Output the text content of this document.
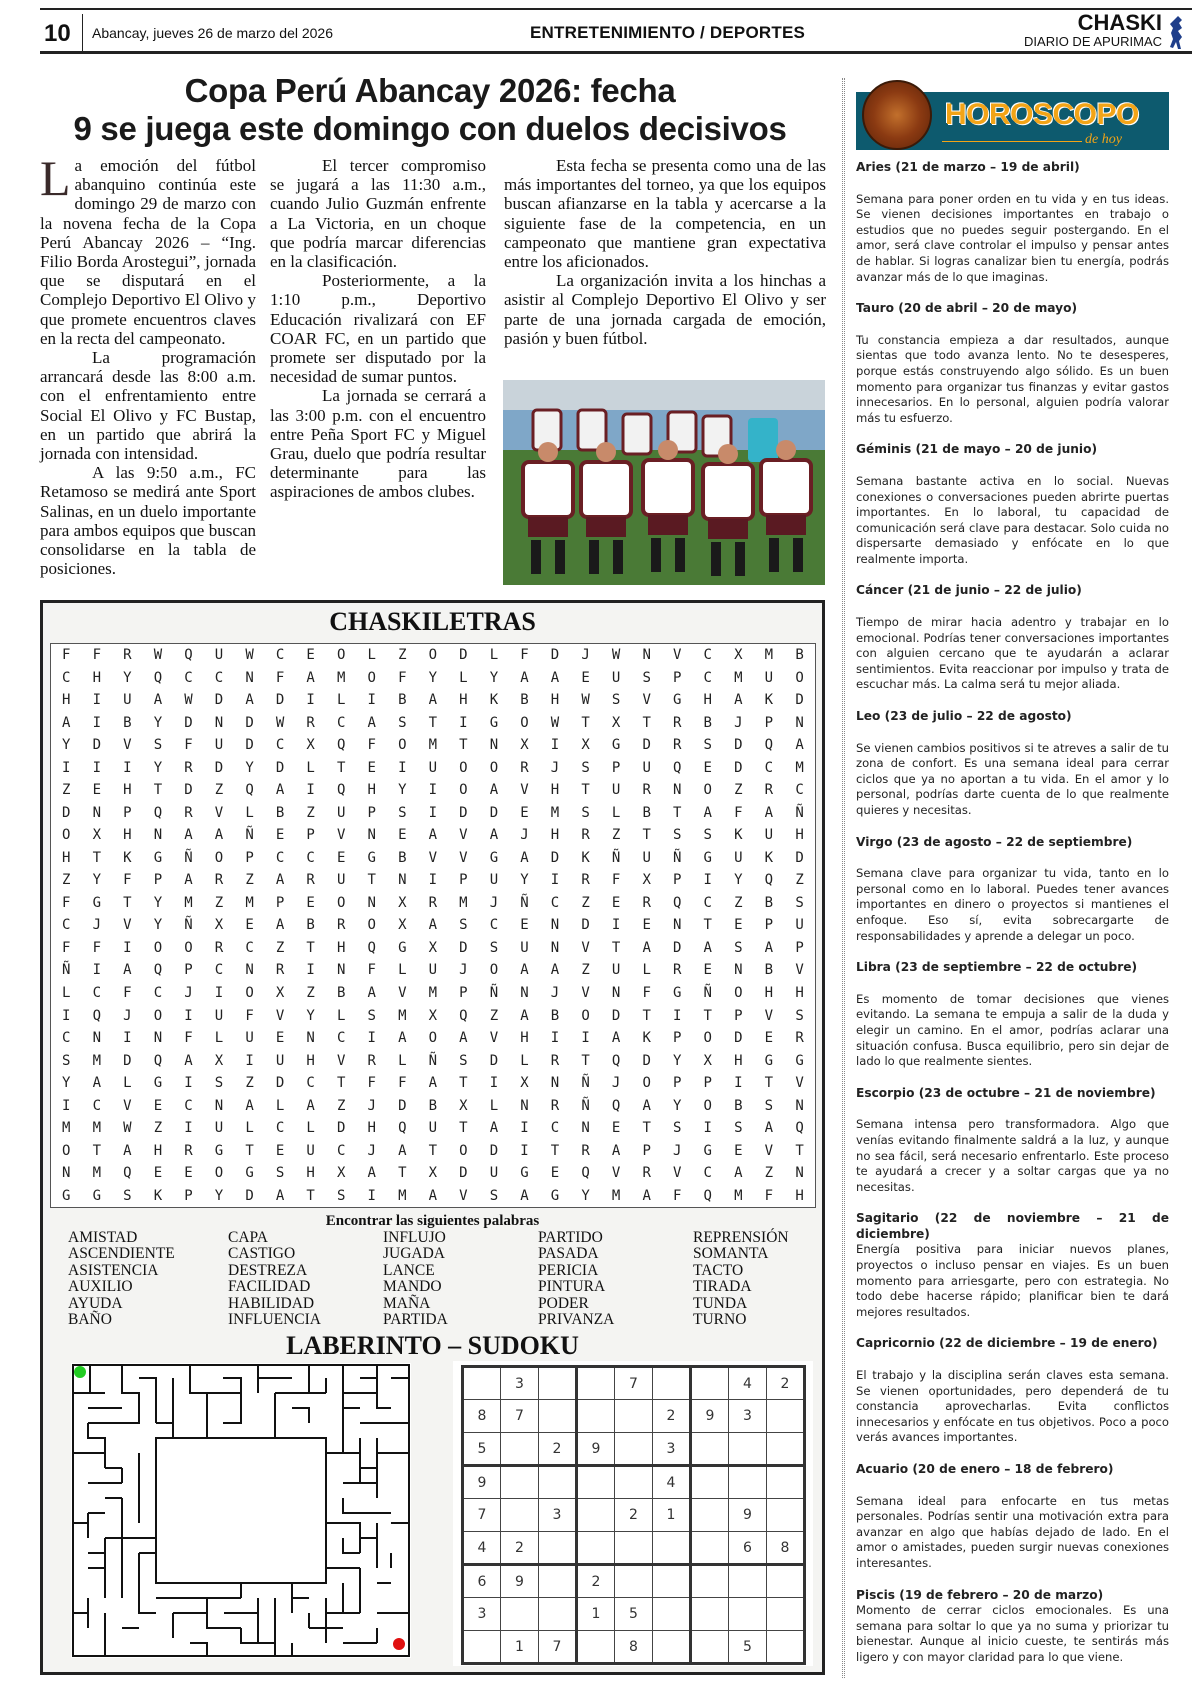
10 Abancay, jueves 26 de marzo del 2026	ENTRETENIMIENTO / DEPORTES	CHASKI
DIARIO DE APURIMAC
Copa Perú Abancay 2026: fecha
9 se juega este domingo con duelos decisivos

La emoción del fútbol abanquino continúa este domingo 29 de marzo con la novena fecha de la Copa Perú Abancay 2026 – “Ing. Filio Borda Arostegui”, jornada que se disputará en el Complejo Deportivo El Olivo y que promete encuentros claves en la recta del campeonato.

La programación arrancará desde las 8:00 a.m. con el enfrentamiento entre Social El Olivo y FC Bustap, en un partido que abrirá la jornada con intensidad.

A las 9:50 a.m., FC Retamoso se medirá ante Sport Salinas, en un duelo importante para ambos equipos que buscan consolidarse en la tabla de posiciones.

El tercer compromiso se jugará a las 11:30 a.m., cuando Julio Guzmán enfrente a La Victoria, en un choque que podría marcar diferencias en la clasificación.

Posteriormente, a la 1:10 p.m., Deportivo Educación rivalizará con EF COAR FC, en un partido que promete ser disputado por la necesidad de sumar puntos.

La jornada se cerrará a las 3:00 p.m. con el encuentro entre Peña Sport FC y Miguel Grau, duelo que podría resultar determinante para las aspiraciones de ambos clubes.

Esta fecha se presenta como una de las más importantes del torneo, ya que los equipos buscan afianzarse en la tabla y acercarse a la siguiente fase de la competencia, en un campeonato que mantiene gran expectativa entre los aficionados.

La organización invita a los hinchas a asistir al Complejo Deportivo El Olivo y ser parte de una jornada cargada de emoción, pasión y buen fútbol.

CHASKILETRAS
F	F	R	W	Q	U	W	C	E	O	L	Z	O	D	L	F	D	J	W	N	V	C	X	M	B
C	H	Y	Q	C	C	N	F	A	M	O	F	Y	L	Y	A	A	E	U	S	P	C	M	U	O
H	I	U	A	W	D	A	D	I	L	I	B	A	H	K	B	H	W	S	V	G	H	A	K	D
A	I	B	Y	D	N	D	W	R	C	A	S	T	I	G	O	W	T	X	T	R	B	J	P	N
Y	D	V	S	F	U	D	C	X	Q	F	O	M	T	N	X	I	X	G	D	R	S	D	Q	A
I	I	I	Y	R	D	Y	D	L	T	E	I	U	O	O	R	J	S	P	U	Q	E	D	C	M
Z	E	H	T	D	Z	Q	A	I	Q	H	Y	I	O	A	V	H	T	U	R	N	O	Z	R	C
D	N	P	Q	R	V	L	B	Z	U	P	S	I	D	D	E	M	S	L	B	T	A	F	A	Ñ
O	X	H	N	A	A	Ñ	E	P	V	N	E	A	V	A	J	H	R	Z	T	S	S	K	U	H
H	T	K	G	Ñ	O	P	C	C	E	G	B	V	V	G	A	D	K	Ñ	U	Ñ	G	U	K	D
Z	Y	F	P	A	R	Z	A	R	U	T	N	I	P	U	Y	I	R	F	X	P	I	Y	Q	Z
F	G	T	Y	M	Z	M	P	E	O	N	X	R	M	J	Ñ	C	Z	E	R	Q	C	Z	B	S
C	J	V	Y	Ñ	X	E	A	B	R	O	X	A	S	C	E	N	D	I	E	N	T	E	P	U
F	F	I	O	O	R	C	Z	T	H	Q	G	X	D	S	U	N	V	T	A	D	A	S	A	P
Ñ	I	A	Q	P	C	N	R	I	N	F	L	U	J	O	A	A	Z	U	L	R	E	N	B	V
L	C	F	C	J	I	O	X	Z	B	A	V	M	P	Ñ	N	J	V	N	F	G	Ñ	O	H	H
I	Q	J	O	I	U	F	V	Y	L	S	M	X	Q	Z	A	B	O	D	T	I	T	P	V	S
C	N	I	N	F	L	U	E	N	C	I	A	O	A	V	H	I	I	A	K	P	O	D	E	R
S	M	D	Q	A	X	I	U	H	V	R	L	Ñ	S	D	L	R	T	Q	D	Y	X	H	G	G
Y	A	L	G	I	S	Z	D	C	T	F	F	A	T	I	X	N	Ñ	J	O	P	P	I	T	V
I	C	V	E	C	N	A	L	A	Z	J	D	B	X	L	N	R	Ñ	Q	A	Y	O	B	S	N
M	M	W	Z	I	U	L	C	L	D	H	Q	U	T	A	I	C	N	E	T	S	I	S	A	Q
O	T	A	H	R	G	T	E	U	C	J	A	T	O	D	I	T	R	A	P	J	G	E	V	T
N	M	Q	E	E	O	G	S	H	X	A	T	X	D	U	G	E	Q	V	R	V	C	A	Z	N
G	G	S	K	P	Y	D	A	T	S	I	M	A	V	S	A	G	Y	M	A	F	Q	M	F	H
Encontrar las siguientes palabras
AMISTAD	CAPA	INFLUJO	PARTIDO	REPRENSIÓN
ASCENDIENTE	CASTIGO	JUGADA	PASADA	SOMANTA
ASISTENCIA	DESTREZA	LANCE	PERICIA	TACTO
AUXILIO	FACILIDAD	MANDO	PINTURA	TIRADA
AYUDA	HABILIDAD	MAÑA	PODER	TUNDA
BAÑO	INFLUENCIA	PARTIDA	PRIVANZA	TURNO
LABERINTO – SUDOKU
	3			7			4	2
8	7				2	9	3	
5		2	9		3			
9					4			
7		3		2	1		9	
4	2						6	8
6	9		2					
3			1	5				
	1	7		8			5	
HOROSCOPO
de hoy
Aries (21 de marzo – 19 de abril)
Semana para poner orden en tu vida y en tus ideas. Se vienen decisiones importantes en trabajo o estudios que no puedes seguir postergando. En el amor, será clave controlar el impulso y pensar antes de hablar. Si logras canalizar bien tu energía, podrás avanzar más de lo que imaginas.
Tauro (20 de abril – 20 de mayo)
Tu constancia empieza a dar resultados, aunque sientas que todo avanza lento. No te desesperes, porque estás construyendo algo sólido. Es un buen momento para organizar tus finanzas y evitar gastos innecesarios. En lo personal, alguien podría valorar más tu esfuerzo.
Géminis (21 de mayo – 20 de junio)
Semana bastante activa en lo social. Nuevas conexiones o conversaciones pueden abrirte puertas importantes. En lo laboral, tu capacidad de comunicación será clave para destacar. Solo cuida no dispersarte demasiado y enfócate en lo que realmente importa.
Cáncer (21 de junio – 22 de julio)
Tiempo de mirar hacia adentro y trabajar en lo emocional. Podrías tener conversaciones importantes con alguien cercano que te ayudarán a aclarar sentimientos. Evita reaccionar por impulso y trata de escuchar más. La calma será tu mejor aliada.
Leo (23 de julio – 22 de agosto)
Se vienen cambios positivos si te atreves a salir de tu zona de confort. Es una semana ideal para cerrar ciclos que ya no aportan a tu vida. En el amor y lo personal, podrías darte cuenta de lo que realmente quieres y necesitas.
Virgo (23 de agosto – 22 de septiembre)
Semana clave para organizar tu vida, tanto en lo personal como en lo laboral. Puedes tener avances importantes en dinero o proyectos si mantienes el enfoque. Eso sí, evita sobrecargarte de responsabilidades y aprende a delegar un poco.
Libra (23 de septiembre – 22 de octubre)
Es momento de tomar decisiones que vienes evitando. La semana te empuja a salir de la duda y elegir un camino. En el amor, podrías aclarar una situación confusa. Busca equilibrio, pero sin dejar de lado lo que realmente sientes.
Escorpio (23 de octubre – 21 de noviembre)
Semana intensa pero transformadora. Algo que venías evitando finalmente saldrá a la luz, y aunque no sea fácil, será necesario enfrentarlo. Este proceso te ayudará a crecer y a soltar cargas que ya no necesitas.
Sagitario (22 de noviembre – 21 de diciembre)
Energía positiva para iniciar nuevos planes, proyectos o incluso pensar en viajes. Es un buen momento para arriesgarte, pero con estrategia. No todo debe hacerse rápido; planificar bien te dará mejores resultados.
Capricornio (22 de diciembre – 19 de enero)
El trabajo y la disciplina serán claves esta semana. Se vienen oportunidades, pero dependerá de tu constancia aprovecharlas. Evita conflictos innecesarios y enfócate en tus objetivos. Poco a poco verás avances importantes.
Acuario (20 de enero – 18 de febrero)
Semana ideal para enfocarte en tus metas personales. Podrías sentir una motivación extra para avanzar en algo que habías dejado de lado. En el amor o amistades, pueden surgir nuevas conexiones interesantes.
Piscis (19 de febrero – 20 de marzo)
Momento de cerrar ciclos emocionales. Es una semana para soltar lo que ya no suma y priorizar tu bienestar. Aunque al inicio cueste, te sentirás más ligero y con mayor claridad para lo que viene.
